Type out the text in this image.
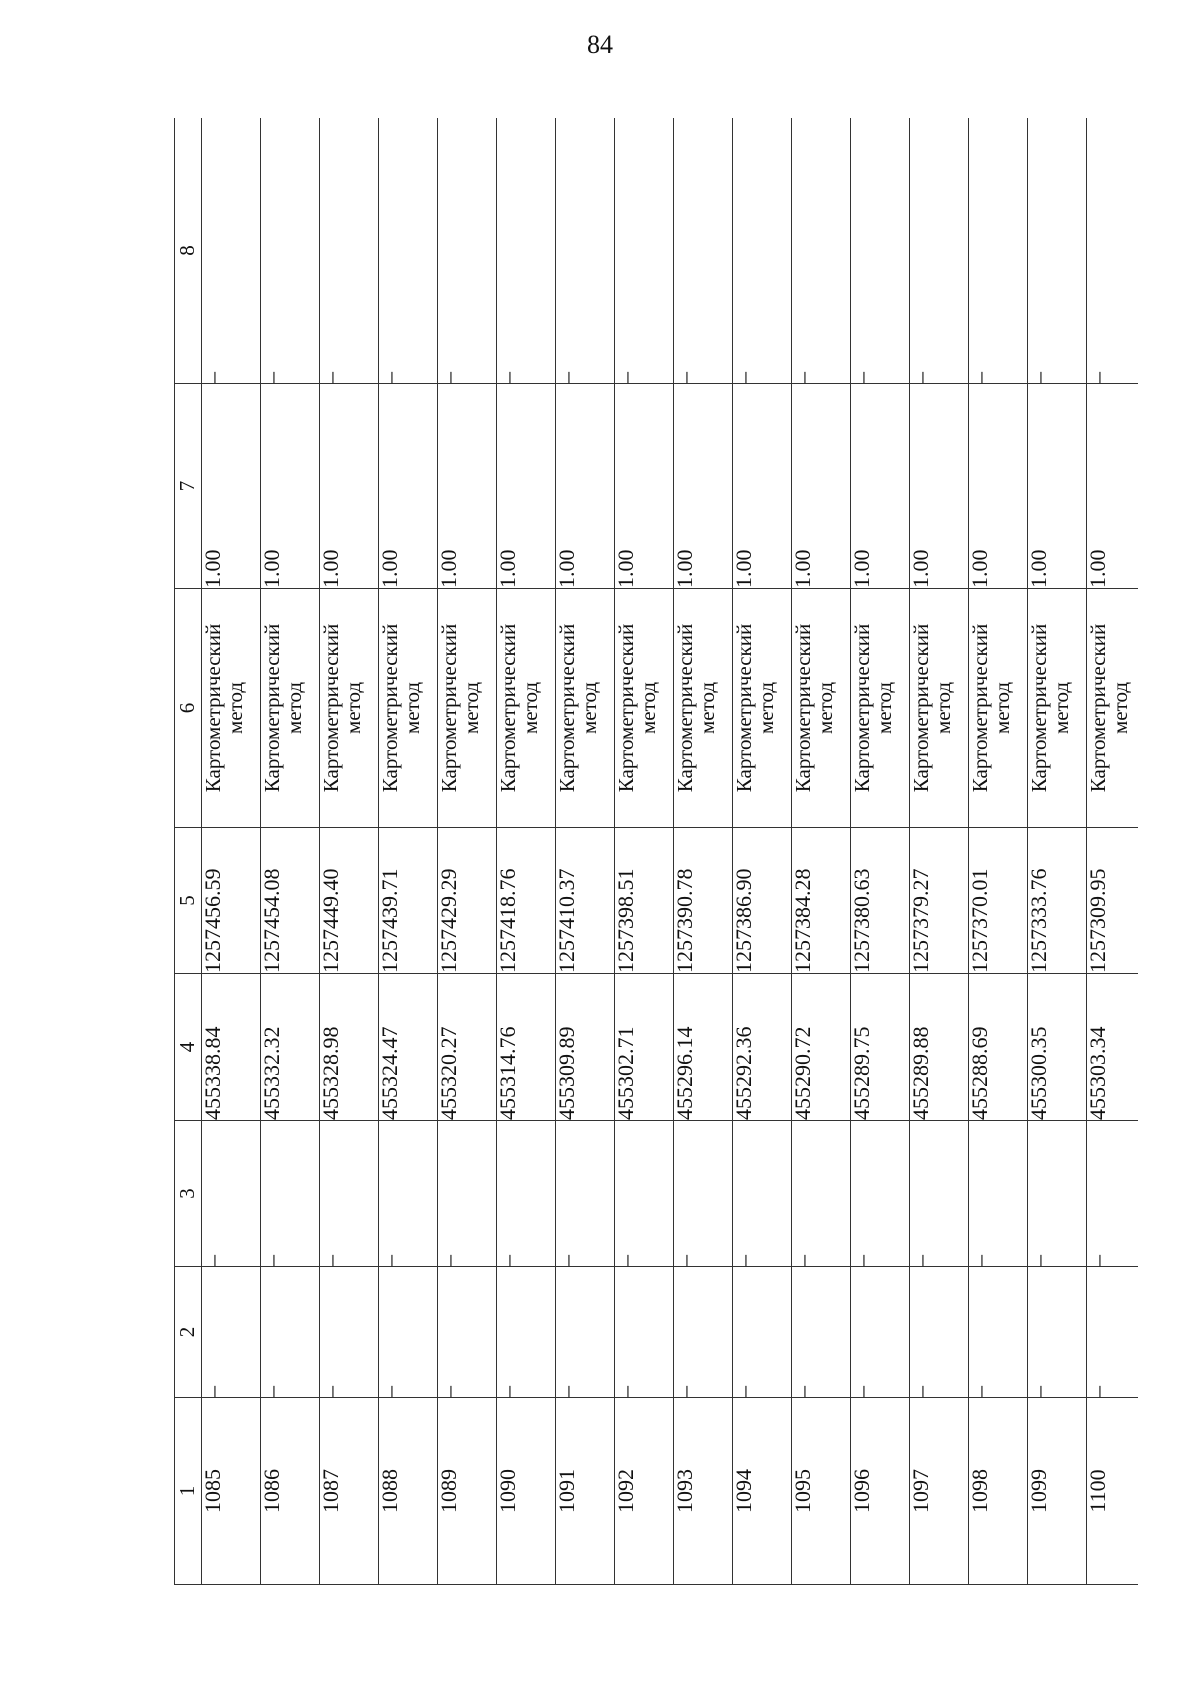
84
1	2	3	4	5	6	7	8
1085	–	–	455338.84	1257456.59	Картометрический
метод	1.00	–
1086	–	–	455332.32	1257454.08	Картометрический
метод	1.00	–
1087	–	–	455328.98	1257449.40	Картометрический
метод	1.00	–
1088	–	–	455324.47	1257439.71	Картометрический
метод	1.00	–
1089	–	–	455320.27	1257429.29	Картометрический
метод	1.00	–
1090	–	–	455314.76	1257418.76	Картометрический
метод	1.00	–
1091	–	–	455309.89	1257410.37	Картометрический
метод	1.00	–
1092	–	–	455302.71	1257398.51	Картометрический
метод	1.00	–
1093	–	–	455296.14	1257390.78	Картометрический
метод	1.00	–
1094	–	–	455292.36	1257386.90	Картометрический
метод	1.00	–
1095	–	–	455290.72	1257384.28	Картометрический
метод	1.00	–
1096	–	–	455289.75	1257380.63	Картометрический
метод	1.00	–
1097	–	–	455289.88	1257379.27	Картометрический
метод	1.00	–
1098	–	–	455288.69	1257370.01	Картометрический
метод	1.00	–
1099	–	–	455300.35	1257333.76	Картометрический
метод	1.00	–
1100	–	–	455303.34	1257309.95	Картометрический
метод	1.00	–
